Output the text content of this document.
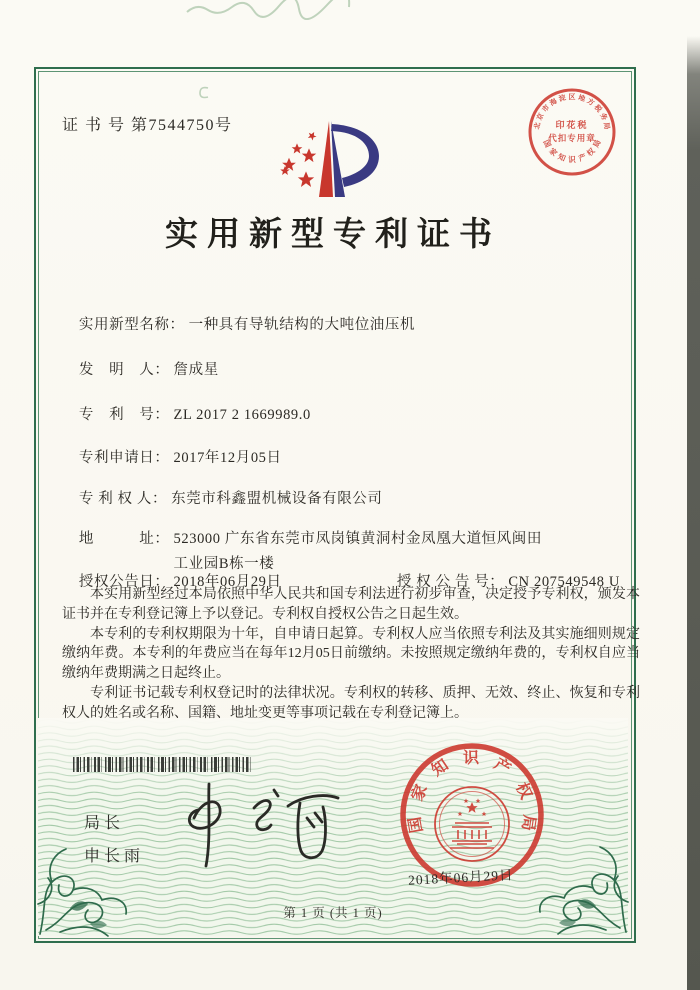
证 书 号 第7544750号	北
京
市
海 淀 区 地 方
税
务
局
国
家
知 识 产
权
局
印花税
代扣专用章
实用新型专利证书

实用新型名称： 一种具有导轨结构的大吨位油压机

发　明　人： 詹成星

专　利　号： ZL 2017 2 1669989.0

专利申请日： 2017年12月05日

专 利 权 人： 东莞市科鑫盟机械设备有限公司

地　　　址： 523000 广东省东莞市凤岗镇黄洞村金凤凰大道恒风闽田
工业园B栋一楼

授权公告日： 2018年06月29日
	授 权 公 告 号： CN 207549548 U

本实用新型经过本局依照中华人民共和国专利法进行初步审查，决定授予专利权，颁发本证书并在专利登记簿上予以登记。专利权自授权公告之日起生效。

本专利的专利权期限为十年，自申请日起算。专利权人应当依照专利法及其实施细则规定缴纳年费。本专利的年费应当在每年12月05日前缴纳。未按照规定缴纳年费的，专利权自应当缴纳年费期满之日起终止。

专利证书记载专利权登记时的法律状况。专利权的转移、质押、无效、终止、恢复和专利权人的姓名或名称、国籍、地址变更等事项记载在专利登记簿上。

局长
申长雨
国
家
知 识 产
权
局
2018年06月29日
第 1 页 (共 1 页)
